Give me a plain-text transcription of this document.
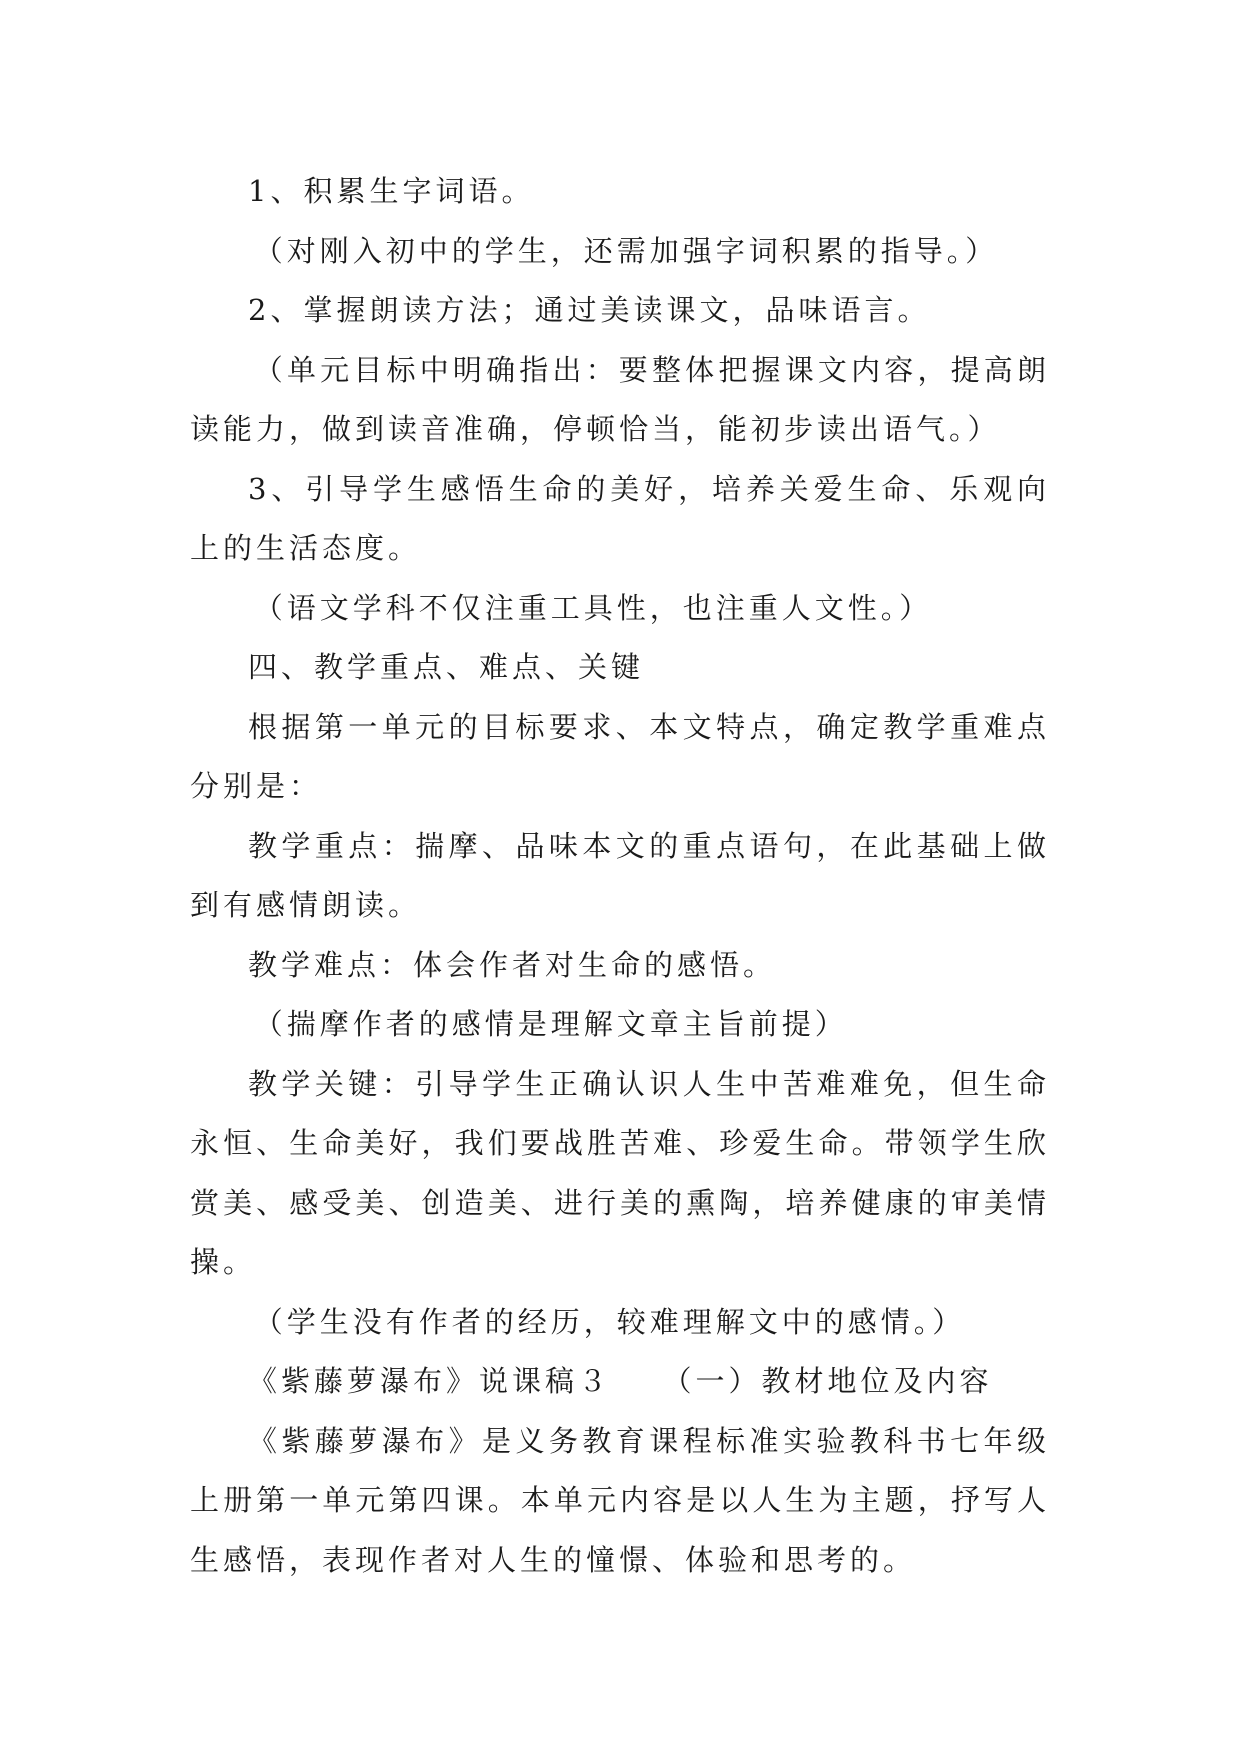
1、积累生字词语。

（对刚入初中的学生，还需加强字词积累的指导。）

2、掌握朗读方法；通过美读课文，品味语言。

（单元目标中明确指出：要整体把握课文内容，提高朗读能力，做到读音准确，停顿恰当，能初步读出语气。）

3、引导学生感悟生命的美好，培养关爱生命、乐观向上的生活态度。

（语文学科不仅注重工具性，也注重人文性。）

四、教学重点、难点、关键

根据第一单元的目标要求、本文特点，确定教学重难点分别是：

教学重点：揣摩、品味本文的重点语句，在此基础上做到有感情朗读。

教学难点：体会作者对生命的感悟。

（揣摩作者的感情是理解文章主旨前提）

教学关键：引导学生正确认识人生中苦难难免，但生命永恒、生命美好，我们要战胜苦难、珍爱生命。带领学生欣赏美、感受美、创造美、进行美的熏陶，培养健康的审美情操。

（学生没有作者的经历，较难理解文中的感情。）

《紫藤萝瀑布》说课稿３　　（一）教材地位及内容

《紫藤萝瀑布》是义务教育课程标准实验教科书七年级上册第一单元第四课。本单元内容是以人生为主题，抒写人生感悟，表现作者对人生的憧憬、体验和思考的。
